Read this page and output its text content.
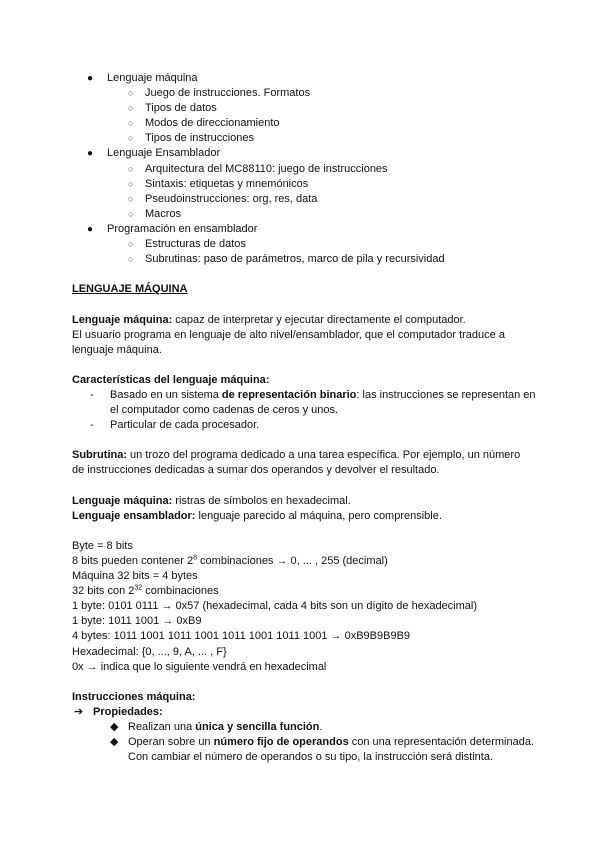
● Lenguaje máquina
○ Juego de instrucciones. Formatos
○ Tipos de datos
○ Modos de direccionamiento
○ Tipos de instrucciones
● Lenguaje Ensamblador
○ Arquitectura del MC88110: juego de instrucciones
○ Sintaxis: etiquetas y mnemónicos
○ Pseudoinstrucciones: org, res, data
○ Macros
● Programación en ensamblador
○ Estructuras de datos
○ Subrutinas: paso de parámetros, marco de pila y recursividad
LENGUAJE MÁQUINA
Lenguaje máquina: capaz de interpretar y ejecutar directamente el computador.
El usuario programa en lenguaje de alto nivel/ensamblador, que el computador traduce a lenguaje máquina.
Características del lenguaje máquina:
- Basado en un sistema de representación binario: las instrucciones se representan en el computador como cadenas de ceros y unos.
- Particular de cada procesador.
Subrutina: un trozo del programa dedicado a una tarea específica. Por ejemplo, un número de instrucciones dedicadas a sumar dos operandos y devolver el resultado.
Lenguaje máquina: ristras de símbolos en hexadecimal.
Lenguaje ensamblador: lenguaje parecido al máquina, pero comprensible.
Byte = 8 bits
8 bits pueden contener $2^8$ combinaciones → 0, ... , 255 (decimal)
Máquina 32 bits = 4 bytes
32 bits con $2^{32}$ combinaciones
1 byte: 0101 0111 → 0x57 (hexadecimal, cada 4 bits son un dígito de hexadecimal)
1 byte: 1011 1001 → 0xB9
4 bytes: 1011 1001 1011 1001 1011 1001 1011 1001 → 0xB9B9B9B9
Hexadecimal: {0, ..., 9, A, ... , F}
0x → indica que lo siguiente vendrá en hexadecimal
Instrucciones máquina:
➔ Propiedades:
◆ Realizan una única y sencilla función.
◆ Operan sobre un número fijo de operandos con una representación determinada. Con cambiar el número de operandos o su tipo, la instrucción será distinta.
